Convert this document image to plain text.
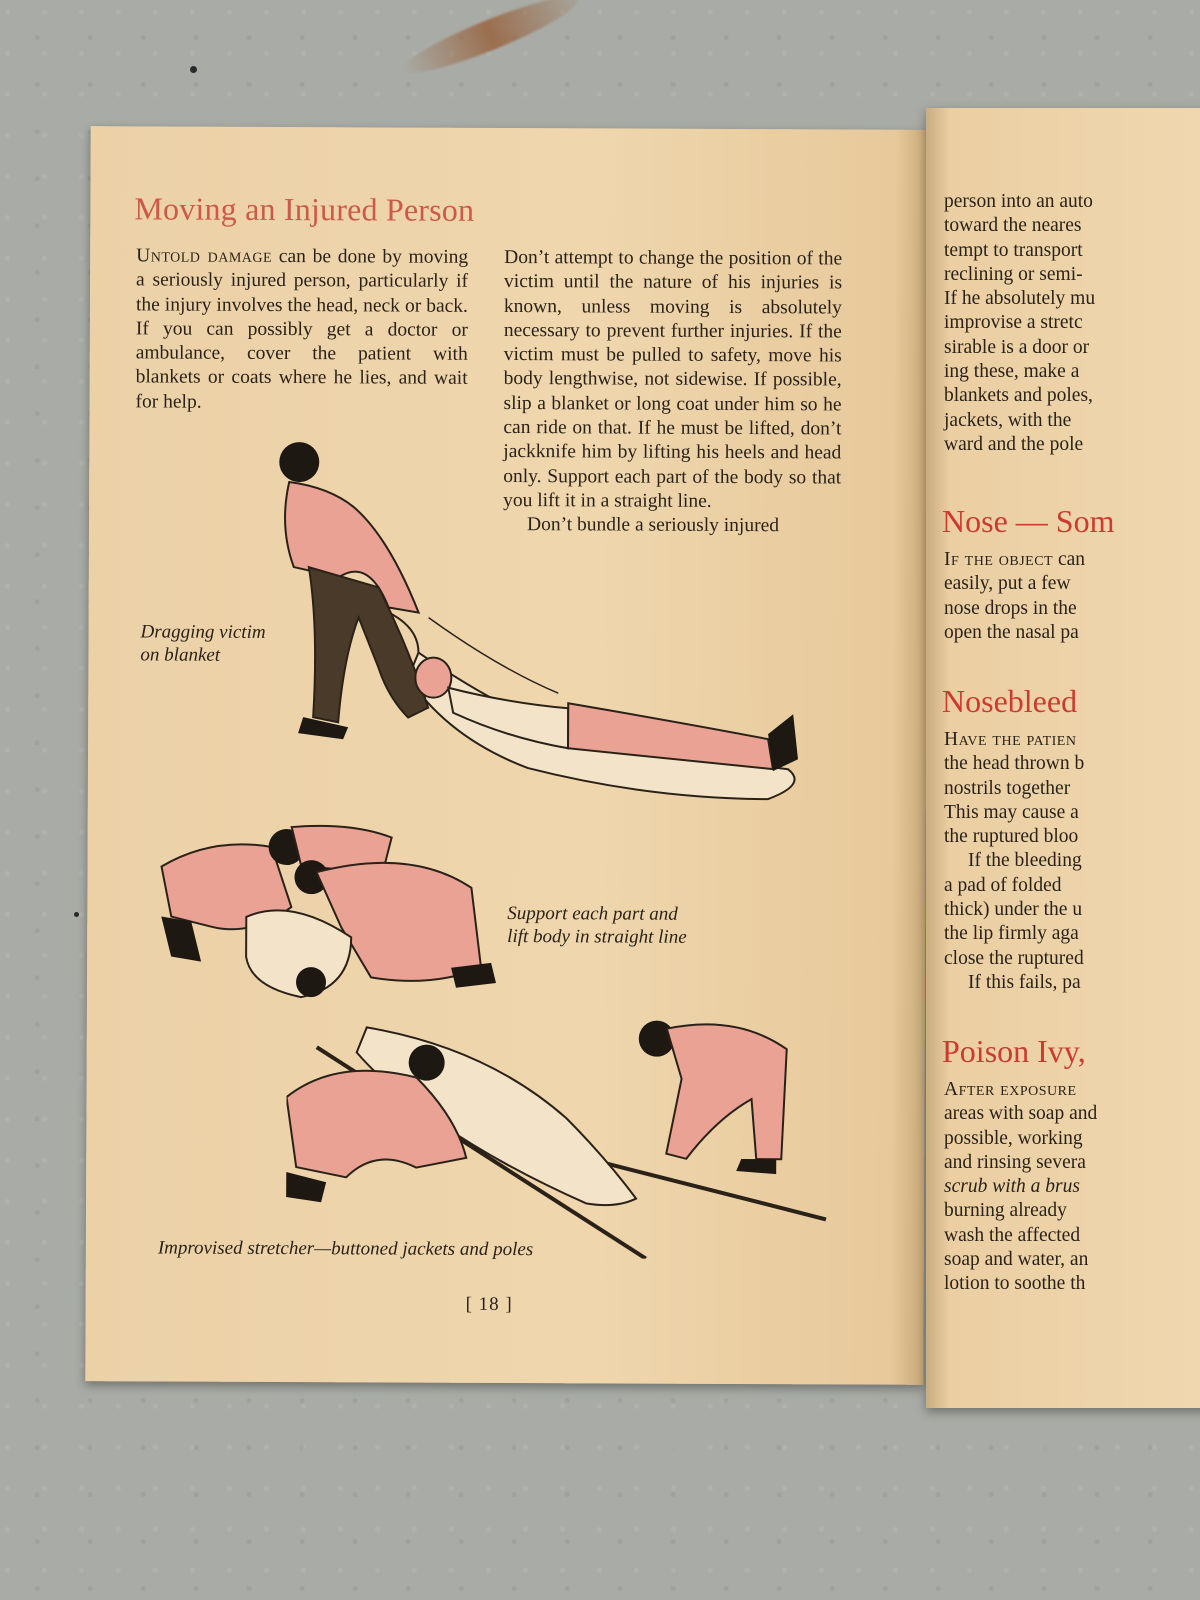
Moving an Injured Person

Untold damage can be done by moving a seriously injured person, particularly if the injury involves the head, neck or back. If you can possibly get a doctor or ambulance, cover the patient with blankets or coats where he lies, and wait for help.

Don’t attempt to change the position of the victim until the nature of his injuries is known, unless moving is absolutely necessary to prevent further injuries. If the victim must be pulled to safety, move his body lengthwise, not sidewise. If possible, slip a blanket or long coat under him so he can ride on that. If he must be lifted, don’t jackknife him by lifting his heels and head only. Support each part of the body so that you lift it in a straight line.

Don’t bundle a seriously injured

Dragging victim
on blanket
Support each part and
lift body in straight line
Improvised stretcher—buttoned jackets and poles
[ 18 ]

person into an auto

toward the neares

tempt to transport

reclining or semi-

If he absolutely mu

improvise a stretc

sirable is a door or

ing these, make a

blankets and poles,

jackets, with the

ward and the pole

Nose — Som

If the object can

easily, put a few

nose drops in the

open the nasal pa

Nosebleed

Have the patien

the head thrown b

nostrils together

This may cause a

the ruptured bloo

If the bleeding

a pad of folded

thick) under the u

the lip firmly aga

close the ruptured

If this fails, pa

Poison Ivy,

After exposure

areas with soap and

possible, working

and rinsing severa

scrub with a brus

burning already

wash the affected

soap and water, an

lotion to soothe th
